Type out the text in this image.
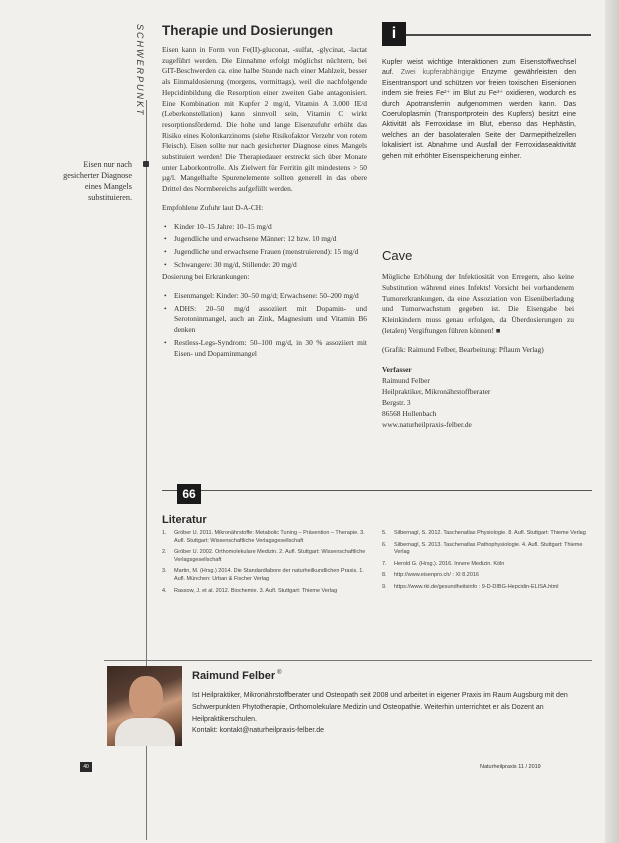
SCHWERPUNKT
Eisen nur nach gesicherter Diagnose eines Mangels substituieren.
Therapie und Dosierungen

Eisen kann in Form von Fe(II)-gluconat, -sulfat, -glycinat, -lactat zugeführt werden. Die Einnahme erfolgt möglichst nüchtern, bei GIT-Beschwerden ca. eine halbe Stunde nach einer Mahlzeit, besser als Einmaldosierung (morgens, vormittags), weil die nachfolgende Hepcidinbildung die Resorption einer zweiten Gabe antagonisiert. Eine Kombination mit Kupfer 2 mg/d, Vitamin A 3.000 IE/d (Leberkonstellation) kann sinnvoll sein, Vitamin C wirkt resorptionsfördernd. Die hohe und lange Eisenzufuhr erhöht das Risiko eines Kolonkarzinoms (siehe Risikofaktor Verzehr von rotem Fleisch). Eisen sollte nur nach gesicherter Diagnose eines Mangels substituiert werden! Die Therapiedauer erstreckt sich über Monate unter Laborkontrolle. Als Zielwert für Ferritin gilt mindestens > 50 µg/l. Mangelhafte Spurenelemente sollten generell in das obere Drittel des Normbereichs aufgefüllt werden.

Empfohlene Zufuhr laut D-A-CH:

• Kinder 10–15 Jahre: 10–15 mg/d
• Jugendliche und erwachsene Männer: 12 bzw. 10 mg/d
• Jugendliche und erwachsene Frauen (menstruierend): 15 mg/d
• Schwangere: 30 mg/d, Stillende: 20 mg/d

Dosierung bei Erkrankungen:

• Eisenmangel: Kinder: 30–50 mg/d; Erwachsene: 50–200 mg/d
• ADHS: 20–50 mg/d assoziiert mit Dopamin- und Serotoninmangel, auch an Zink, Magnesium und Vitamin B6 denken
• Restless-Legs-Syndrom: 50–100 mg/d, in 30 % assoziiert mit Eisen- und Dopaminmangel
i
Kupfer weist wichtige Interaktionen zum Eisenstoffwechsel auf. Zwei kupferabhängige Enzyme gewährleisten den Eisentransport und schützen vor freien toxischen Eisenionen indem sie freies Fe²⁺ im Blut zu Fe³⁺ oxidieren, wodurch es durch Apotransferrin aufgenommen werden kann. Das Coeruloplasmin (Transportprotein des Kupfers) besitzt eine Aktivität als Ferroxidase im Blut, ebenso das Hephästin, welches an der basolateralen Seite der Darmepithelzellen lokalisiert ist. Abnahme und Ausfall der Ferroxidaseaktivität gehen mit erhöhter Eisenspeicherung einher.
Cave

Mögliche Erhöhung der Infektiosität von Erregern, also keine Substitution während eines Infekts! Vorsicht bei vorhandenem Tumorerkrankungen, da eine Assoziation von Eisenüberladung und Tumorwachstum gegeben ist. Die Eisengabe bei Kleinkindern muss genau erfolgen, da Überdosierungen zu (letalen) Vergiftungen führen können! ■

(Grafik: Raimund Felber, Bearbeitung: Pflaum Verlag)

Verfasser
Raimund Felber
Heilpraktiker, Mikronährstoffberater
Bergstr. 3
86568 Hollenbach
www.naturheilpraxis-felber.de
66
Literatur
1. Gröber U. 2011. Mikronährstoffe: Metabolic Tuning – Prävention – Therapie. 3. Aufl. Stuttgart: Wissenschaftliche Verlagsgesellschaft
2. Gröber U. 2002. Orthomolekulare Medizin. 2. Aufl. Stuttgart: Wissenschaftliche Verlagsgesellschaft
3. Martin, M. (Hrsg.) 2014. Die Standardlabore der naturheilkundlichen Praxis. 1. Aufl. München: Urban & Fischer Verlag
4. Rassow, J. et al. 2012. Biochemie. 3. Aufl. Stuttgart: Thieme Verlag
5. Silbernagl, S. 2012. Taschenatlas Physiologie. 8. Aufl. Stuttgart: Thieme Verlag
6. Silbernagl, S. 2013. Taschenatlas Pathophysiologie. 4. Aufl. Stuttgart: Thieme Verlag
7. Herold G. (Hrsg.). 2016. Innere Medizin. Köln
8. http://www.eisenpro.ch/ : XI 8.2016
9. https://www.rki.de/gesundheitsinfo : 9-D-DIBG-Hepcidin-ELISA.html
Raimund Felber ®
Ist Heilpraktiker, Mikronährstoffberater und Osteopath seit 2008 und arbeitet in eigener Praxis im Raum Augsburg mit den Schwerpunkten Phytotherapie, Orthomolekulare Medizin und Osteopathie. Weiterhin unterrichtet er als Dozent an Heilpraktikerschulen.
Kontakt: kontakt@naturheilpraxis-felber.de
40	Naturheilpraxis 11 / 2019
